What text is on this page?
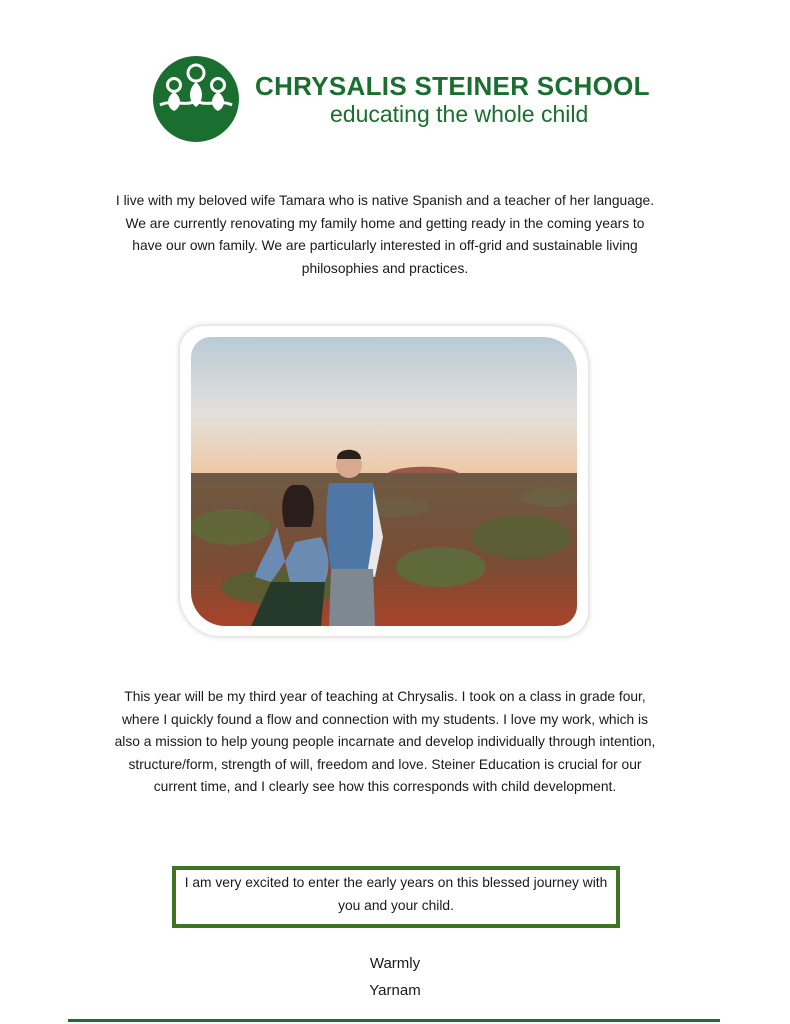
CHRYSALIS STEINER SCHOOL
educating the whole child
I live with my beloved wife Tamara who is native Spanish and a teacher of her language. We are currently renovating my family home and getting ready in the coming years to have our own family. We are particularly interested in off-grid and sustainable living philosophies and practices.
This year will be my third year of teaching at Chrysalis. I took on a class in grade four, where I quickly found a flow and connection with my students. I love my work, which is also a mission to help young people incarnate and develop individually through intention, structure/form, strength of will, freedom and love. Steiner Education is crucial for our current time, and I clearly see how this corresponds with child development.
I am very excited to enter the early years on this blessed journey with you and your child.
Warmly
Yarnam
